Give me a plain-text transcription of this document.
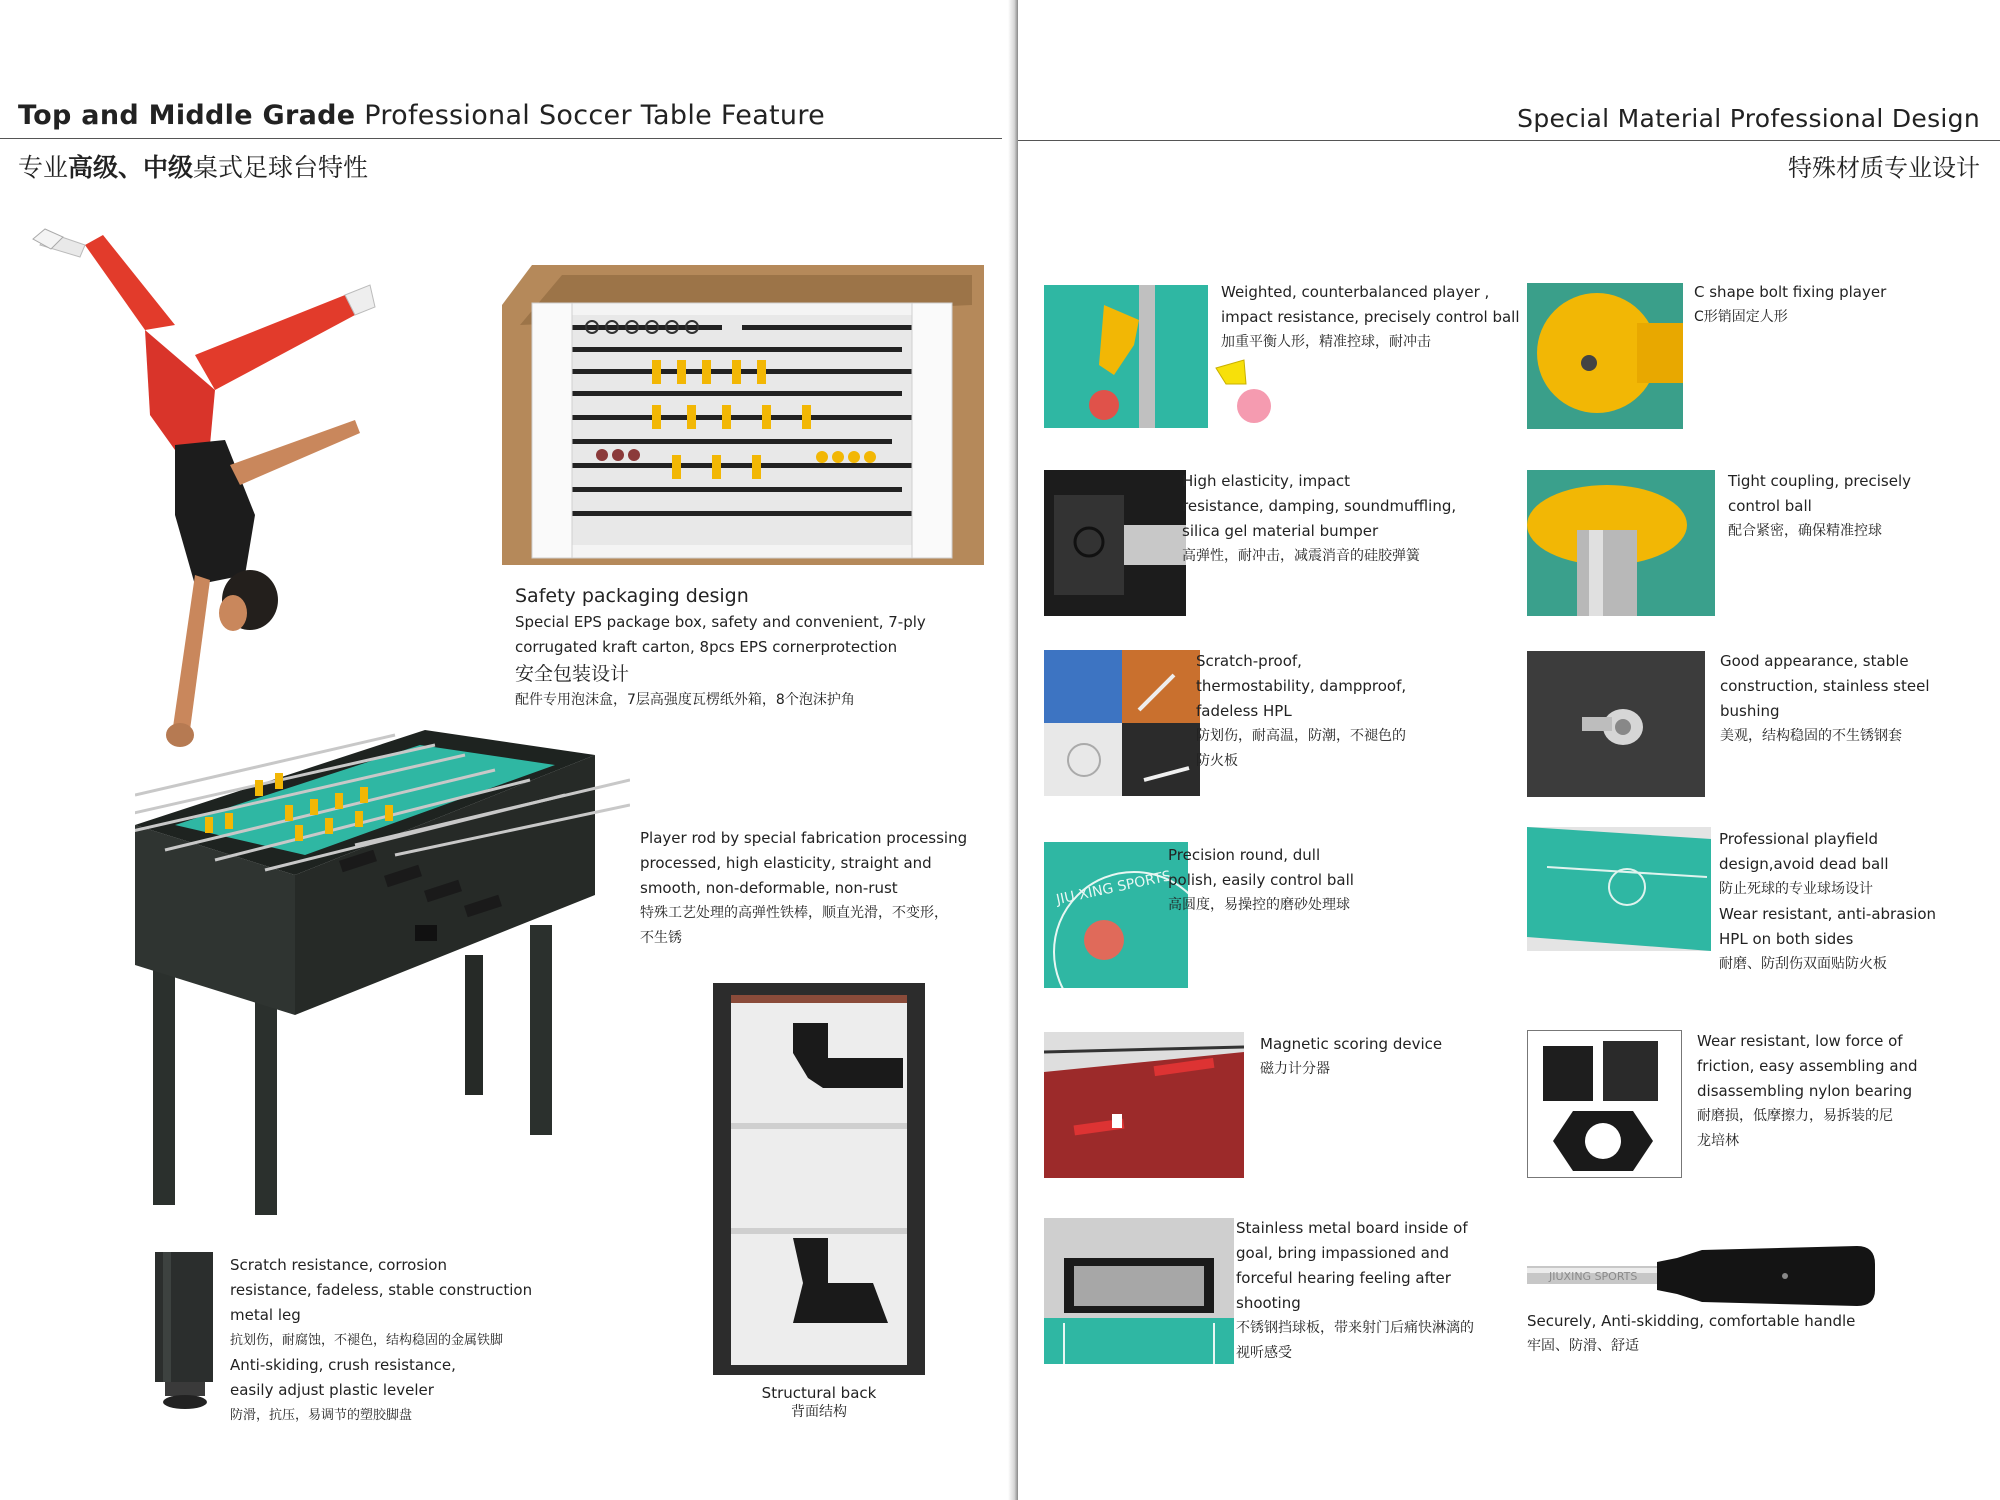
Top and Middle Grade Professional Soccer Table Feature
专业高级、中级桌式足球台特性
Safety packaging design
Special EPS package box, safety and convenient, 7-ply
corrugated kraft carton, 8pcs EPS cornerprotection
安全包装设计
配件专用泡沫盒，7层高强度瓦楞纸外箱，8个泡沫护角
Player rod by special fabrication processing
processed, high elasticity, straight and
smooth, non-deformable, non-rust
特殊工艺处理的高弹性铁棒，顺直光滑，不变形，
不生锈
Scratch resistance, corrosion
resistance, fadeless, stable construction
metal leg
抗划伤，耐腐蚀，不褪色，结构稳固的金属铁脚
Anti-skiding, crush resistance,
easily adjust plastic leveler
防滑，抗压，易调节的塑胶脚盘
Structural back
背面结构
Special Material Professional Design
特殊材质专业设计
Weighted, counterbalanced player ,
impact resistance, precisely control ball
加重平衡人形，精准控球，耐冲击
C shape bolt fixing player
C形销固定人形
High elasticity, impact
resistance, damping, soundmuffling,
silica gel material bumper
高弹性，耐冲击，减震消音的硅胶弹簧
Tight coupling, precisely
control ball
配合紧密，确保精准控球
Scratch-proof,
thermostability, dampproof,
fadeless HPL
防划伤，耐高温，防潮，不褪色的
防火板
Good appearance, stable
construction, stainless steel
bushing
美观，结构稳固的不生锈钢套
JIU XING SPORTS
Precision round, dull
polish, easily control ball
高圆度，易操控的磨砂处理球
Professional playfield
design,avoid dead ball
防止死球的专业球场设计
Wear resistant, anti-abrasion
HPL on both sides
耐磨、防刮伤双面贴防火板
Magnetic scoring device
磁力计分器
Wear resistant, low force of
friction, easy assembling and
disassembling nylon bearing
耐磨损，低摩擦力，易拆装的尼
龙培林
Stainless metal board inside of
goal, bring impassioned and
forceful hearing feeling after
shooting
不锈钢挡球板，带来射门后痛快淋漓的
视听感受
JIUXING SPORTS
Securely, Anti-skidding, comfortable handle
牢固、防滑、舒适
